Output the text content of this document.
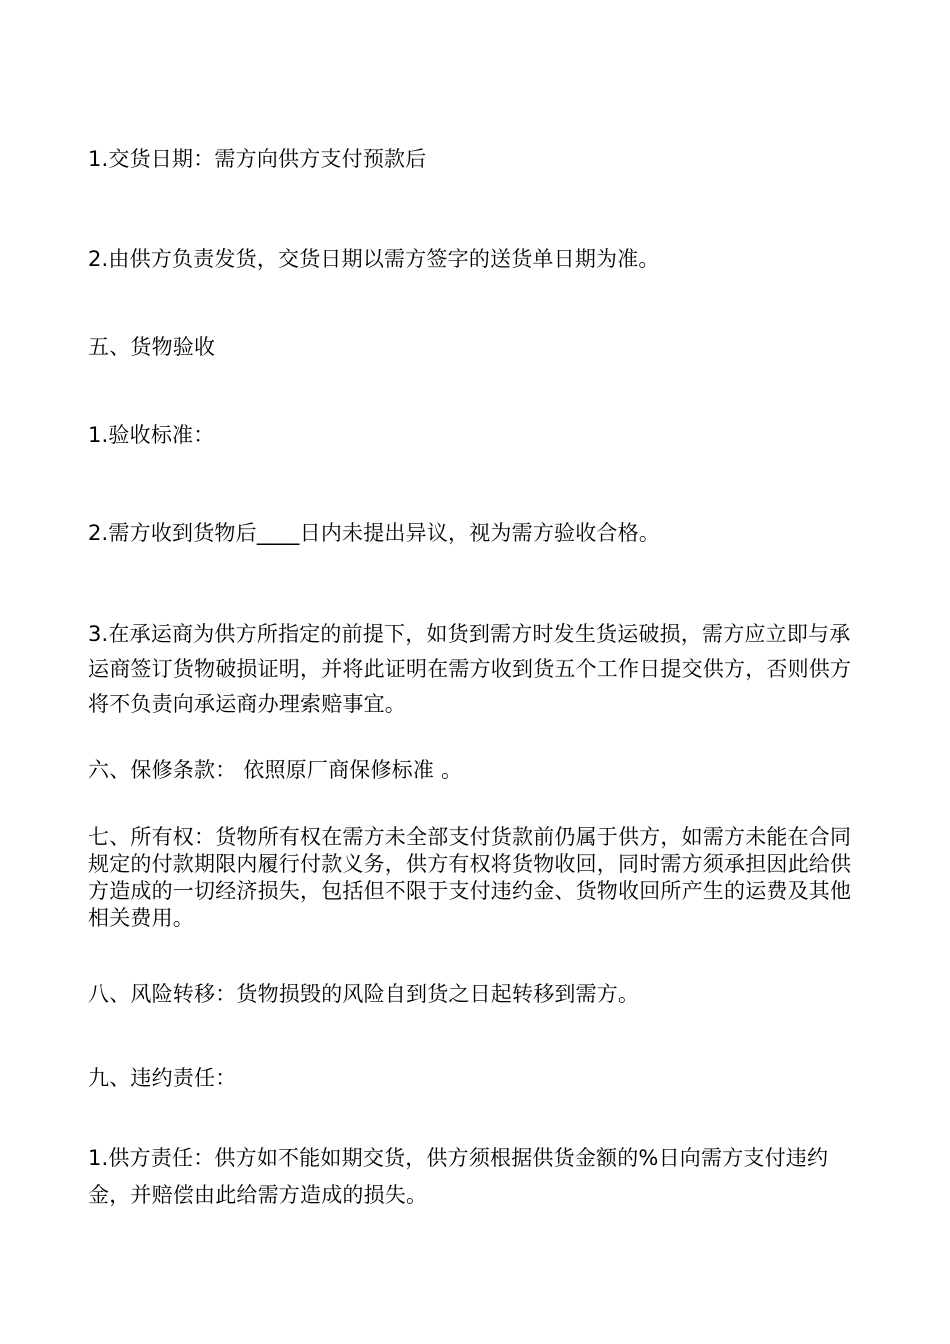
1.交货日期：需方向供方支付预款后
2.由供方负责发货，交货日期以需方签字的送货单日期为准。
五、货物验收
1.验收标准：
2.需方收到货物后____日内未提出异议，视为需方验收合格。
3.在承运商为供方所指定的前提下，如货到需方时发生货运破损，需方应立即与承运商签订货物破损证明，并将此证明在需方收到货五个工作日提交供方，否则供方将不负责向承运商办理索赔事宜。
六、保修条款： 依照原厂商保修标准 。
七、所有权：货物所有权在需方未全部支付货款前仍属于供方，如需方未能在合同规定的付款期限内履行付款义务，供方有权将货物收回，同时需方须承担因此给供方造成的一切经济损失，包括但不限于支付违约金、货物收回所产生的运费及其他相关费用。
八、风险转移：货物损毁的风险自到货之日起转移到需方。
九、违约责任：
1.供方责任：供方如不能如期交货，供方须根据供货金额的%日向需方支付违约金，并赔偿由此给需方造成的损失。
